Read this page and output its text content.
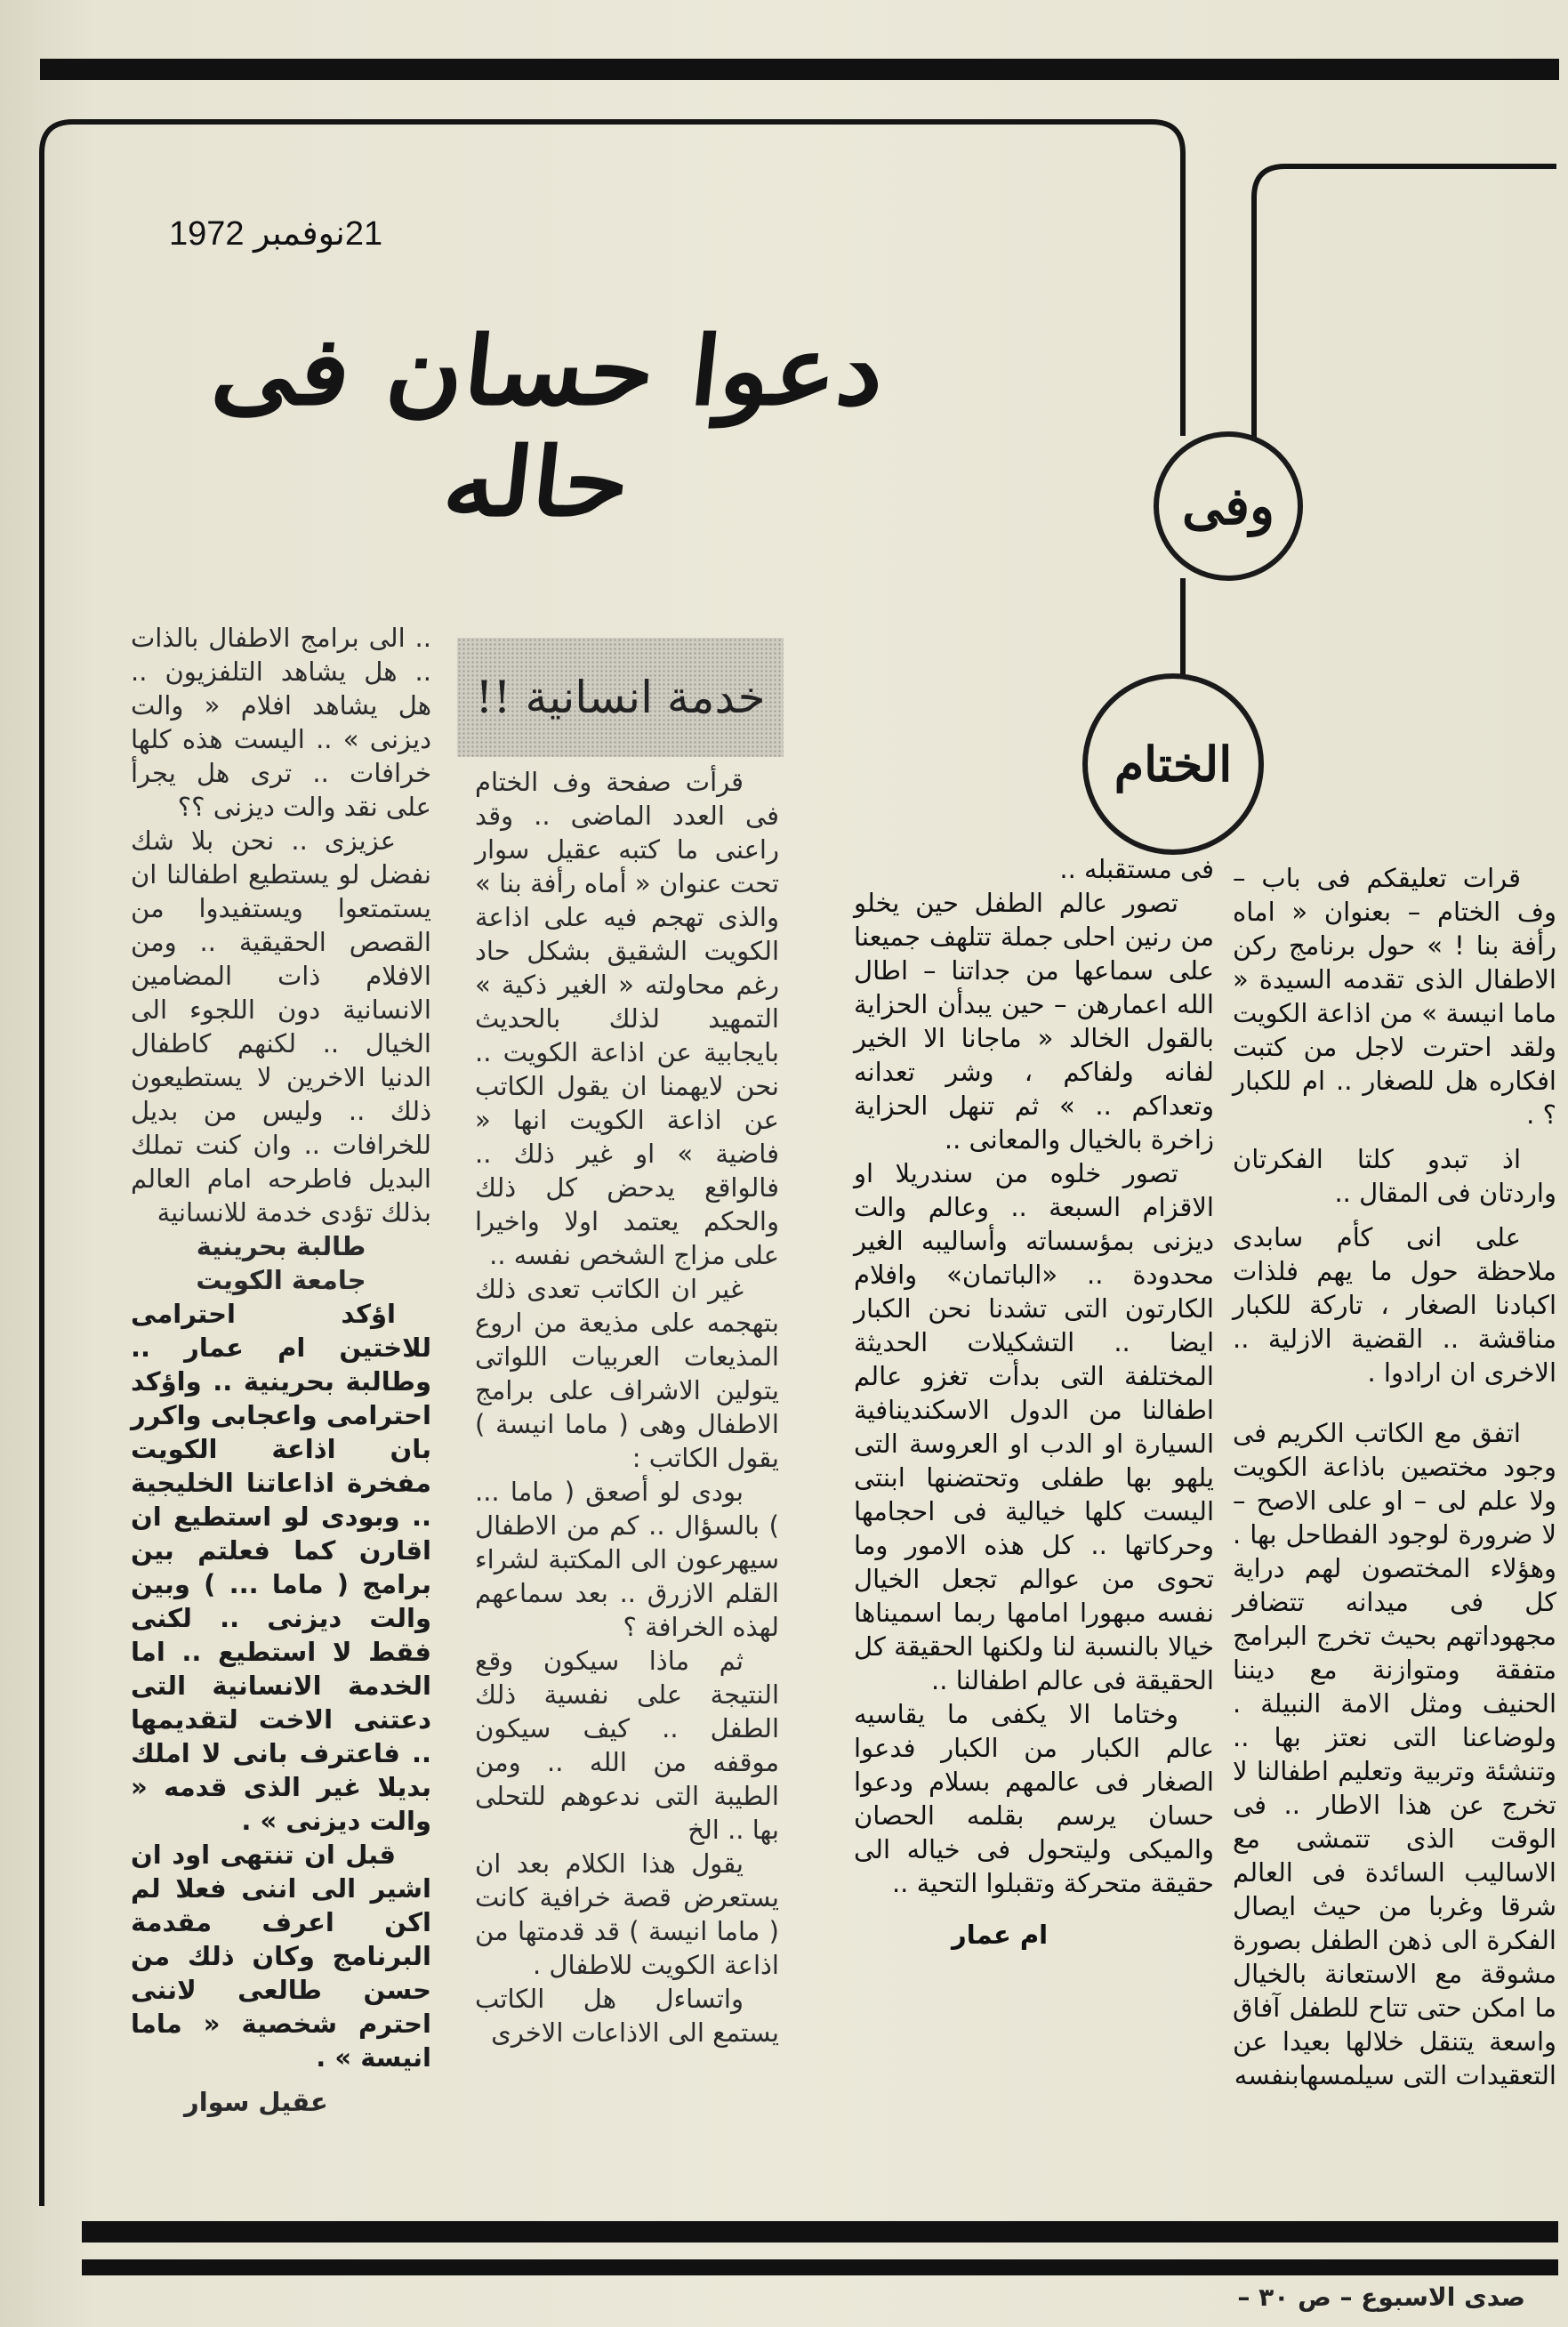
21نوفمبر 1972
دعوا حسان فى حاله	وفى
الختام
خدمة انسانية !!

قرات تعليقكم فى باب – وف الختام – بعنوان « اماه رأفة بنا ! » حول برنامج ركن الاطفال الذى تقدمه السيدة « ماما انيسة » من اذاعة الكويت ولقد احترت لاجل من كتبت افكاره هل للصغار .. ام للكبار ؟ .

اذ تبدو كلتا الفكرتان واردتان فى المقال ..

على انى كأم سابدى ملاحظة حول ما يهم فلذات اكبادنا الصغار ، تاركة للكبار مناقشة .. القضية الازلية .. الاخرى ان ارادوا .

اتفق مع الكاتب الكريم فى وجود مختصين باذاعة الكويت ولا علم لى – او على الاصح – لا ضرورة لوجود الفطاحل بها . وهؤلاء المختصون لهم دراية كل فى ميدانه تتضافر مجهوداتهم بحيث تخرج البرامج متفقة ومتوازنة مع ديننا الحنيف ومثل الامة النبيلة . ولوضاعنا التى نعتز بها .. وتنشئة وتربية وتعليم اطفالنا لا تخرج عن هذا الاطار .. فى الوقت الذى تتمشى مع الاساليب السائدة فى العالم شرقا وغربا من حيث ايصال الفكرة الى ذهن الطفل بصورة مشوقة مع الاستعانة بالخيال ما امكن حتى تتاح للطفل آفاق واسعة يتنقل خلالها بعيدا عن التعقيدات التى سيلمسهابنفسه

فى مستقبله ..

تصور عالم الطفل حين يخلو من رنين احلى جملة تتلهف جميعنا على سماعها من جداتنا – اطال الله اعمارهن – حين يبدأن الحزاية بالقول الخالد « ماجانا الا الخير لفانه ولفاكم ، وشر تعدانه وتعداكم .. » ثم تنهل الحزاية زاخرة بالخيال والمعانى ..

تصور خلوه من سندريلا او الاقزام السبعة .. وعالم والت ديزنى بمؤسساته وأساليبه الغير محدودة .. «الباتمان» وافلام الكارتون التى تشدنا نحن الكبار ايضا .. التشكيلات الحديثة المختلفة التى بدأت تغزو عالم اطفالنا من الدول الاسكندينافية السيارة او الدب او العروسة التى يلهو بها طفلى وتحتضنها ابنتى اليست كلها خيالية فى احجامها وحركاتها .. كل هذه الامور وما تحوى من عوالم تجعل الخيال نفسه مبهورا امامها ربما اسميناها خيالا بالنسبة لنا ولكنها الحقيقة كل الحقيقة فى عالم اطفالنا ..

وختاما الا يكفى ما يقاسيه عالم الكبار من الكبار فدعوا الصغار فى عالمهم بسلام ودعوا حسان يرسم بقلمه الحصان والميكى وليتحول فى خياله الى حقيقة متحركة وتقبلوا التحية ..

ام عمار

قرأت صفحة وف الختام فى العدد الماضى .. وقد راعنى ما كتبه عقيل سوار تحت عنوان « أماه رأفة بنا » والذى تهجم فيه على اذاعة الكويت الشقيق بشكل حاد رغم محاولته « الغير ذكية » التمهيد لذلك بالحديث بايجابية عن اذاعة الكويت .. نحن لايهمنا ان يقول الكاتب عن اذاعة الكويت انها « فاضية » او غير ذلك .. فالواقع يدحض كل ذلك والحكم يعتمد اولا واخيرا على مزاج الشخص نفسه ..

غير ان الكاتب تعدى ذلك بتهجمه على مذيعة من اروع المذيعات العربيات اللواتى يتولين الاشراف على برامج الاطفال وهى ( ماما انيسة ) يقول الكاتب :

بودى لو أصعق ( ماما ... ) بالسؤال .. كم من الاطفال سيهرعون الى المكتبة لشراء القلم الازرق .. بعد سماعهم لهذه الخرافة ؟

ثم ماذا سيكون وقع النتيجة على نفسية ذلك الطفل .. كيف سيكون موقفه من الله .. ومن الطيبة التى ندعوهم للتحلى بها .. الخ

يقول هذا الكلام بعد ان يستعرض قصة خرافية كانت ( ماما انيسة ) قد قدمتها من اذاعة الكويت للاطفال .

واتساءل هل الكاتب يستمع الى الاذاعات الاخرى

.. الى برامج الاطفال بالذات .. هل يشاهد التلفزيون .. هل يشاهد افلام « والت ديزنى » .. اليست هذه كلها خرافات .. ترى هل يجرأ على نقد والت ديزنى ؟؟

عزيزى .. نحن بلا شك نفضل لو يستطيع اطفالنا ان يستمتعوا ويستفيدوا من القصص الحقيقية .. ومن الافلام ذات المضامين الانسانية دون اللجوء الى الخيال .. لكنهم كاطفال الدنيا الاخرين لا يستطيعون ذلك .. وليس من بديل للخرافات .. وان كنت تملك البديل فاطرحه امام العالم بذلك تؤدى خدمة للانسانية

طالبة بحرينية

جامعة الكويت

اؤكد احترامى للاختين ام عمار .. وطالبة بحرينية .. واؤكد احترامى واعجابى واكرر بان اذاعة الكويت مفخرة اذاعاتنا الخليجية .. وبودى لو استطيع ان اقارن كما فعلتم بين برامج ( ماما ... ) وبين والت ديزنى .. لكنى فقط لا استطيع .. اما الخدمة الانسانية التى دعتنى الاخت لتقديمها .. فاعترف بانى لا املك بديلا غير الذى قدمه « والت ديزنى » .

قبل ان تنتهى اود ان اشير الى اننى فعلا لم اكن اعرف مقدمة البرنامج وكان ذلك من حسن طالعى لاننى احترم شخصية « ماما انيسة » .

عقيل سوار

صدى الاسبوع – ص ٣٠ –
